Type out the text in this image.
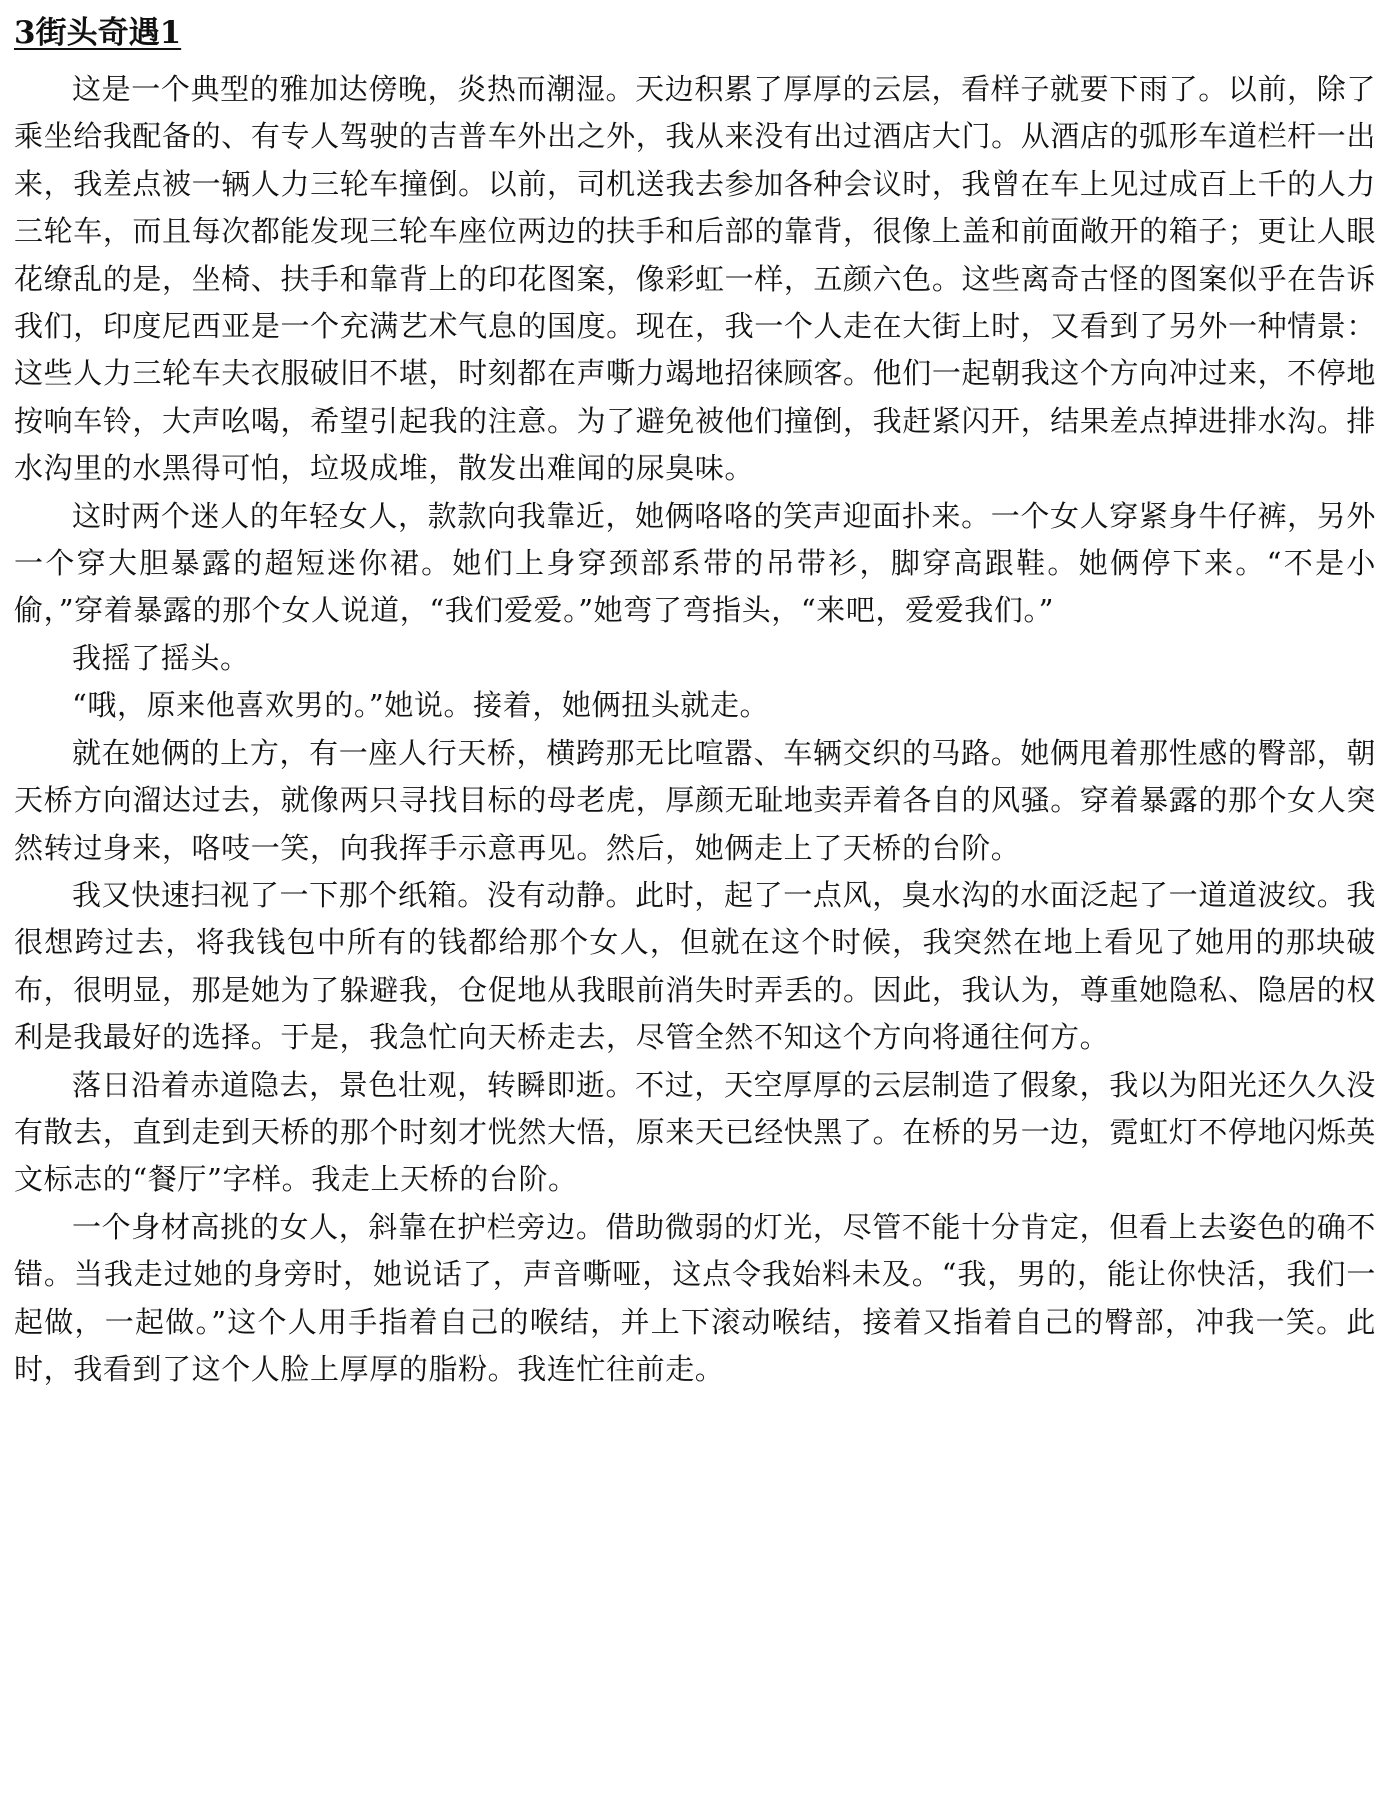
3街头奇遇1

这是一个典型的雅加达傍晚，炎热而潮湿。天边积累了厚厚的云层，看样子就要下雨了。以前，除了乘坐给我配备的、有专人驾驶的吉普车外出之外，我从来没有出过酒店大门。从酒店的弧形车道栏杆一出来，我差点被一辆人力三轮车撞倒。以前，司机送我去参加各种会议时，我曾在车上见过成百上千的人力三轮车，而且每次都能发现三轮车座位两边的扶手和后部的靠背，很像上盖和前面敞开的箱子；更让人眼花缭乱的是，坐椅、扶手和靠背上的印花图案，像彩虹一样，五颜六色。这些离奇古怪的图案似乎在告诉我们，印度尼西亚是一个充满艺术气息的国度。现在，我一个人走在大街上时，又看到了另外一种情景：这些人力三轮车夫衣服破旧不堪，时刻都在声嘶力竭地招徕顾客。他们一起朝我这个方向冲过来，不停地按响车铃，大声吆喝，希望引起我的注意。为了避免被他们撞倒，我赶紧闪开，结果差点掉进排水沟。排水沟里的水黑得可怕，垃圾成堆，散发出难闻的尿臭味。

这时两个迷人的年轻女人，款款向我靠近，她俩咯咯的笑声迎面扑来。一个女人穿紧身牛仔裤，另外一个穿大胆暴露的超短迷你裙。她们上身穿颈部系带的吊带衫，脚穿高跟鞋。她俩停下来。“不是小偷，”穿着暴露的那个女人说道，“我们爱爱。”她弯了弯指头，“来吧，爱爱我们。”

我摇了摇头。

“哦，原来他喜欢男的。”她说。接着，她俩扭头就走。

就在她俩的上方，有一座人行天桥，横跨那无比喧嚣、车辆交织的马路。她俩甩着那性感的臀部，朝天桥方向溜达过去，就像两只寻找目标的母老虎，厚颜无耻地卖弄着各自的风骚。穿着暴露的那个女人突然转过身来，咯吱一笑，向我挥手示意再见。然后，她俩走上了天桥的台阶。

我又快速扫视了一下那个纸箱。没有动静。此时，起了一点风，臭水沟的水面泛起了一道道波纹。我很想跨过去，将我钱包中所有的钱都给那个女人，但就在这个时候，我突然在地上看见了她用的那块破布，很明显，那是她为了躲避我，仓促地从我眼前消失时弄丢的。因此，我认为，尊重她隐私、隐居的权利是我最好的选择。于是，我急忙向天桥走去，尽管全然不知这个方向将通往何方。

落日沿着赤道隐去，景色壮观，转瞬即逝。不过，天空厚厚的云层制造了假象，我以为阳光还久久没有散去，直到走到天桥的那个时刻才恍然大悟，原来天已经快黑了。在桥的另一边，霓虹灯不停地闪烁英文标志的“餐厅”字样。我走上天桥的台阶。

一个身材高挑的女人，斜靠在护栏旁边。借助微弱的灯光，尽管不能十分肯定，但看上去姿色的确不错。当我走过她的身旁时，她说话了，声音嘶哑，这点令我始料未及。“我，男的，能让你快活，我们一起做，一起做。”这个人用手指着自己的喉结，并上下滚动喉结，接着又指着自己的臀部，冲我一笑。此时，我看到了这个人脸上厚厚的脂粉。我连忙往前走。
